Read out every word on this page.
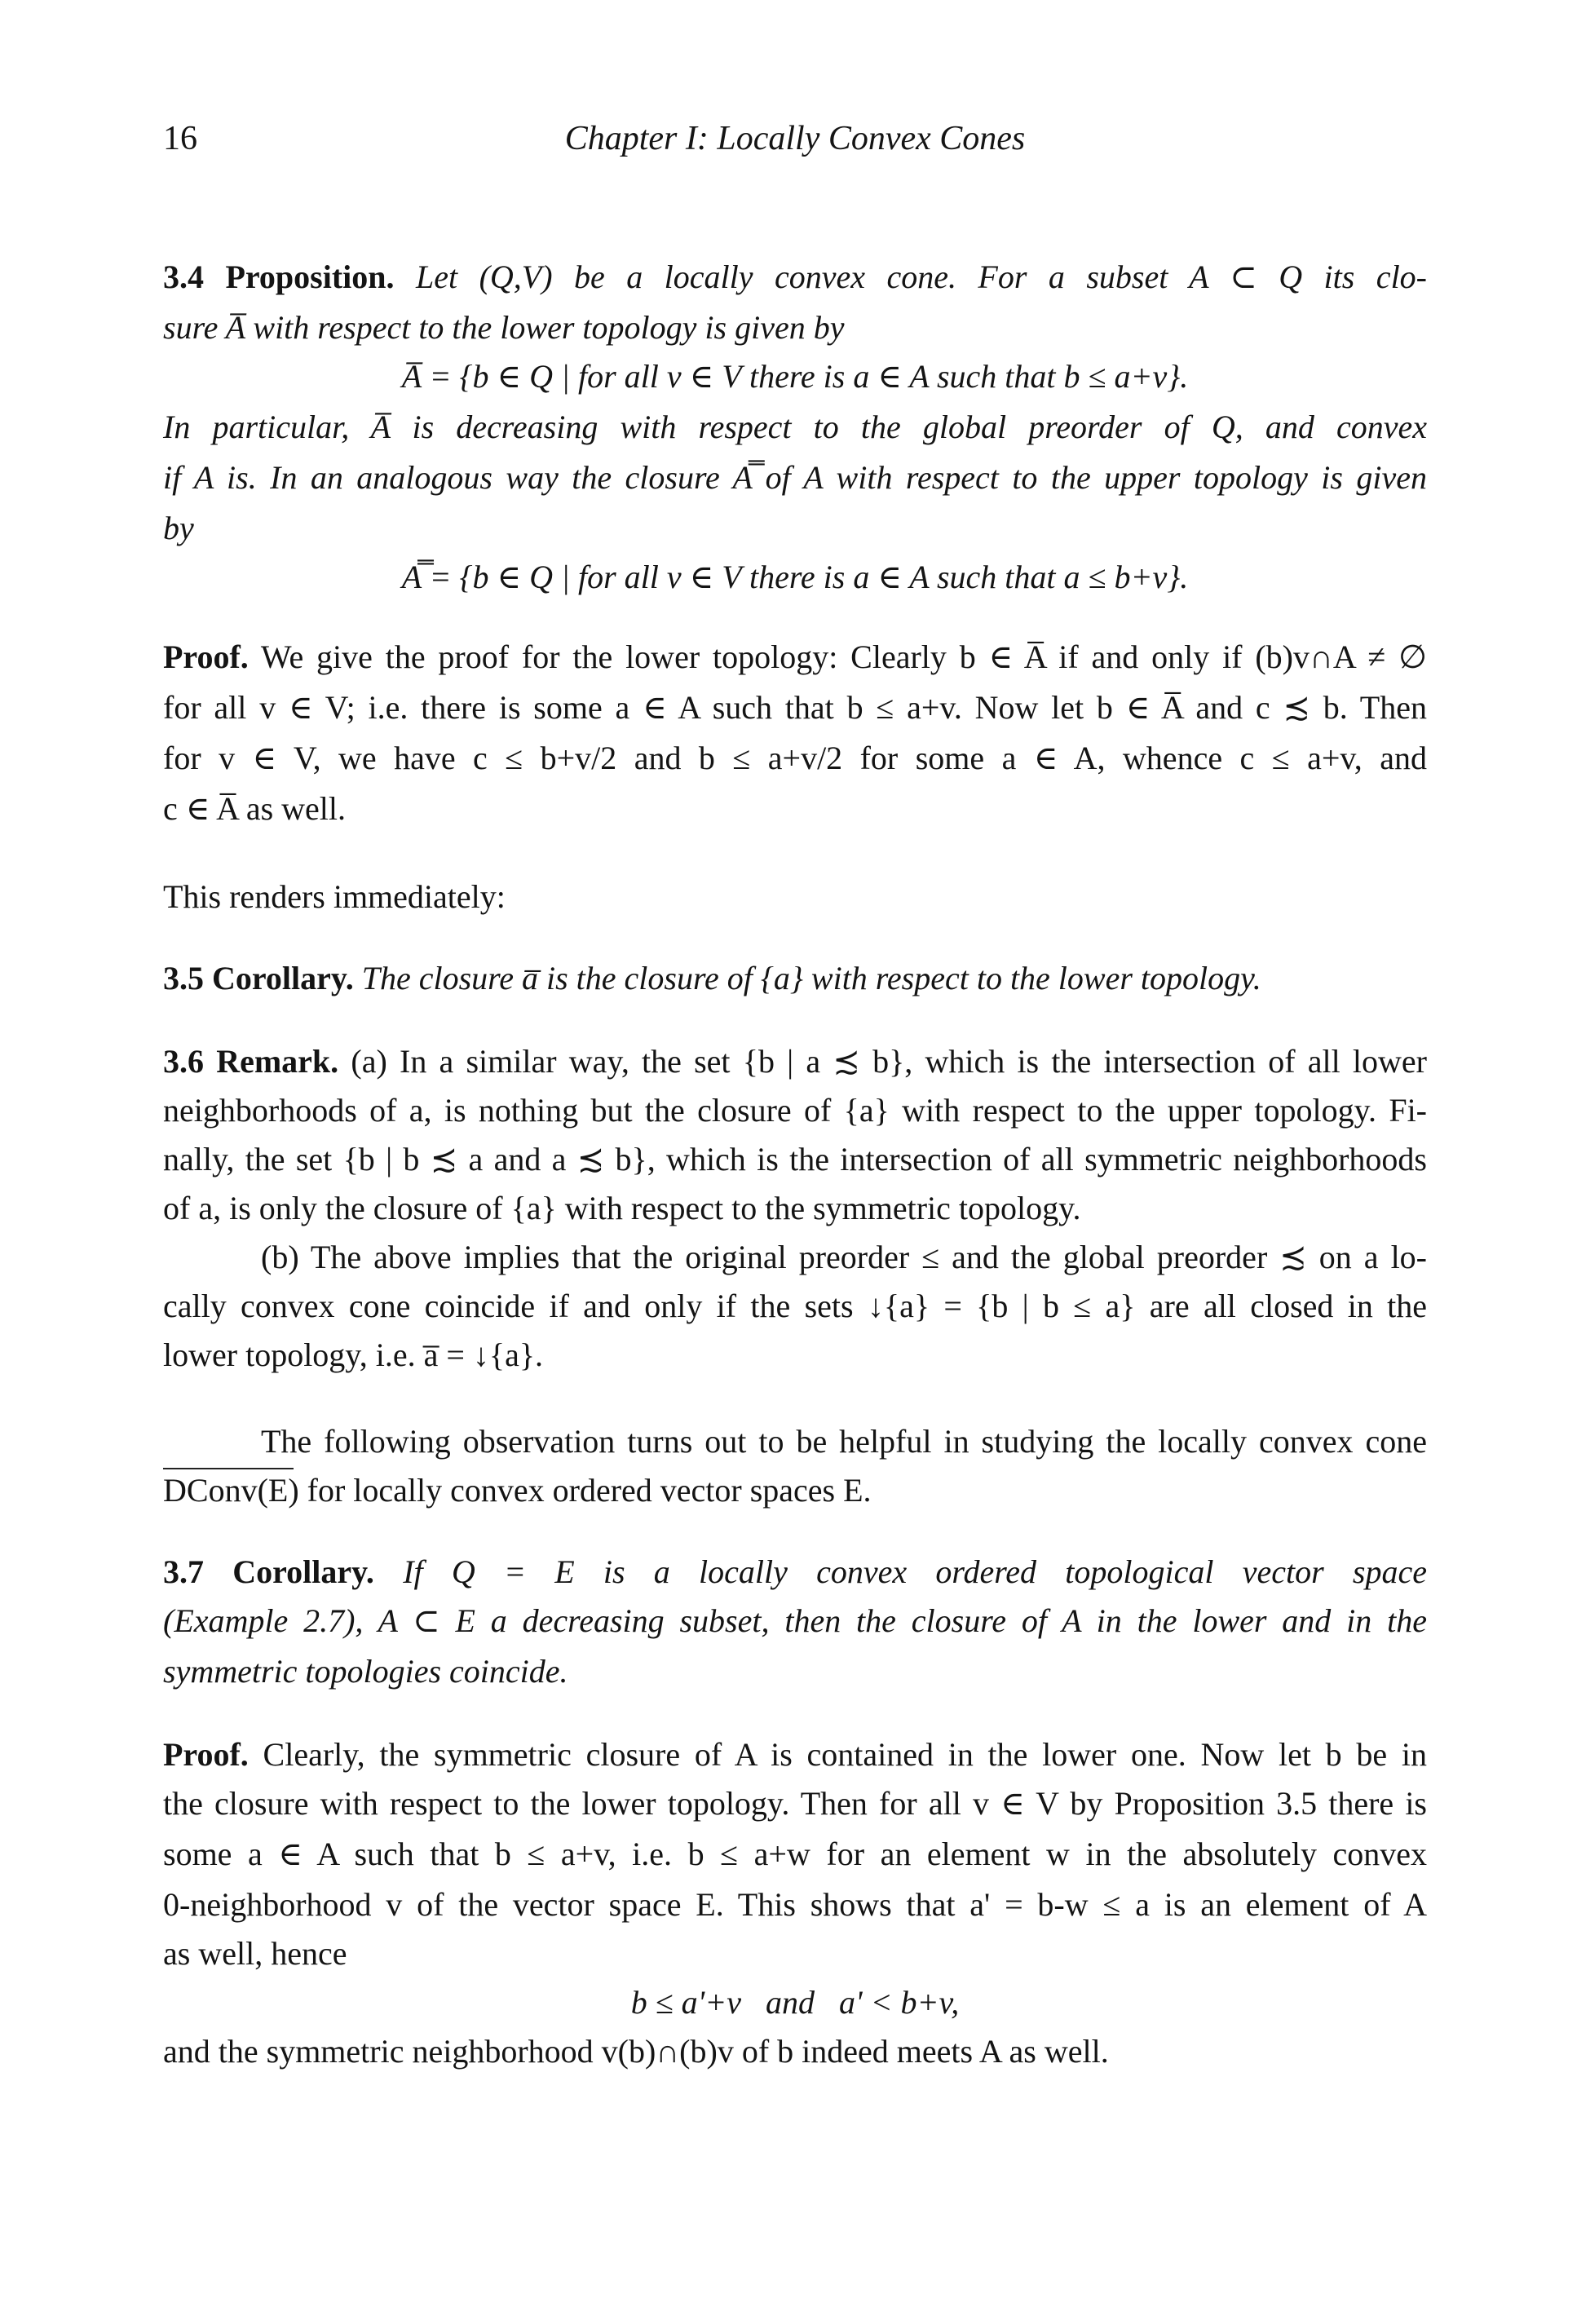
16	Chapter I: Locally Convex Cones
3.4 Proposition. Let (Q,V) be a locally convex cone. For a subset A ⊂ Q its clo-
sure A̅ with respect to the lower topology is given by
A̅ = {b ∈ Q | for all v ∈ V there is a ∈ A such that b ≤ a+v}.
In particular, A̅ is decreasing with respect to the global preorder of Q, and convex
if A is. In an analogous way the closure A̿ of A with respect to the upper topology is given
by
A̿ = {b ∈ Q | for all v ∈ V there is a ∈ A such that a ≤ b+v}.
Proof. We give the proof for the lower topology: Clearly b ∈ A̅ if and only if (b)v∩A ≠ ∅
for all v ∈ V; i.e. there is some a ∈ A such that b ≤ a+v. Now let b ∈ A̅ and c ≾ b. Then
for v ∈ V, we have c ≤ b+v/2 and b ≤ a+v/2 for some a ∈ A, whence c ≤ a+v, and
c ∈ A̅ as well.
This renders immediately:
3.5 Corollary. The closure a̅ is the closure of {a} with respect to the lower topology.
3.6 Remark. (a) In a similar way, the set {b | a ≾ b}, which is the intersection of all lower
neighborhoods of a, is nothing but the closure of {a} with respect to the upper topology. Fi-
nally, the set {b | b ≾ a and a ≾ b}, which is the intersection of all symmetric neighborhoods
of a, is only the closure of {a} with respect to the symmetric topology.
(b) The above implies that the original preorder ≤ and the global preorder ≾ on a lo-
cally convex cone coincide if and only if the sets ↓{a} = {b | b ≤ a} are all closed in the
lower topology, i.e. a̅ = ↓{a}.
The following observation turns out to be helpful in studying the locally convex cone
DConv(E) for locally convex ordered vector spaces E.
3.7 Corollary. If Q = E is a locally convex ordered topological vector space
(Example 2.7), A ⊂ E a decreasing subset, then the closure of A in the lower and in the
symmetric topologies coincide.
Proof. Clearly, the symmetric closure of A is contained in the lower one. Now let b be in
the closure with respect to the lower topology. Then for all v ∈ V by Proposition 3.5 there is
some a ∈ A such that b ≤ a+v, i.e. b ≤ a+w for an element w in the absolutely convex
0-neighborhood v of the vector space E. This shows that a' = b-w ≤ a is an element of A
as well, hence
b ≤ a'+v   and   a' < b+v,
and the symmetric neighborhood v(b)∩(b)v of b indeed meets A as well.
